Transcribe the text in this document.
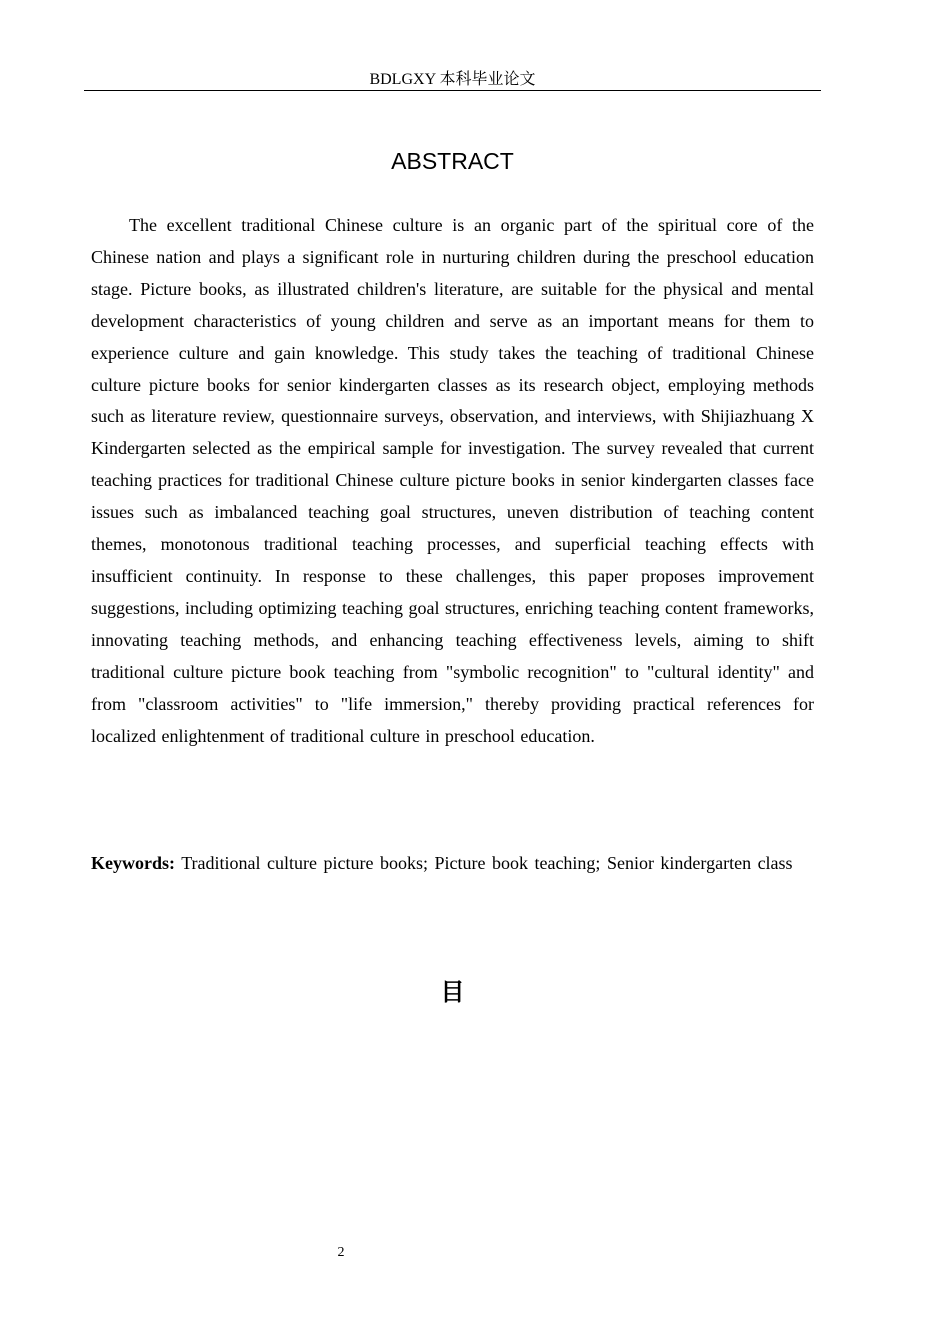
BDLGXY 本科毕业论文
ABSTRACT

The excellent traditional Chinese culture is an organic part of the spiritual core of the Chinese nation and plays a significant role in nurturing children during the preschool education stage. Picture books, as illustrated children's literature, are suitable for the physical and mental development characteristics of young children and serve as an important means for them to experience culture and gain knowledge. This study takes the teaching of traditional Chinese culture picture books for senior kindergarten classes as its research object, employing methods such as literature review, questionnaire surveys, observation, and interviews, with Shijiazhuang X Kindergarten selected as the empirical sample for investigation. The survey revealed that current teaching practices for traditional Chinese culture picture books in senior kindergarten classes face issues such as imbalanced teaching goal structures, uneven distribution of teaching content themes, monotonous traditional teaching processes, and superficial teaching effects with insufficient continuity. In response to these challenges, this paper proposes improvement suggestions, including optimizing teaching goal structures, enriching teaching content frameworks, innovating teaching methods, and enhancing teaching effectiveness levels, aiming to shift traditional culture picture book teaching from "symbolic recognition" to "cultural identity" and from "classroom activities" to "life immersion," thereby providing practical references for localized enlightenment of traditional culture in preschool education.

Keywords: Traditional culture picture books; Picture book teaching; Senior kindergarten class

目
2
